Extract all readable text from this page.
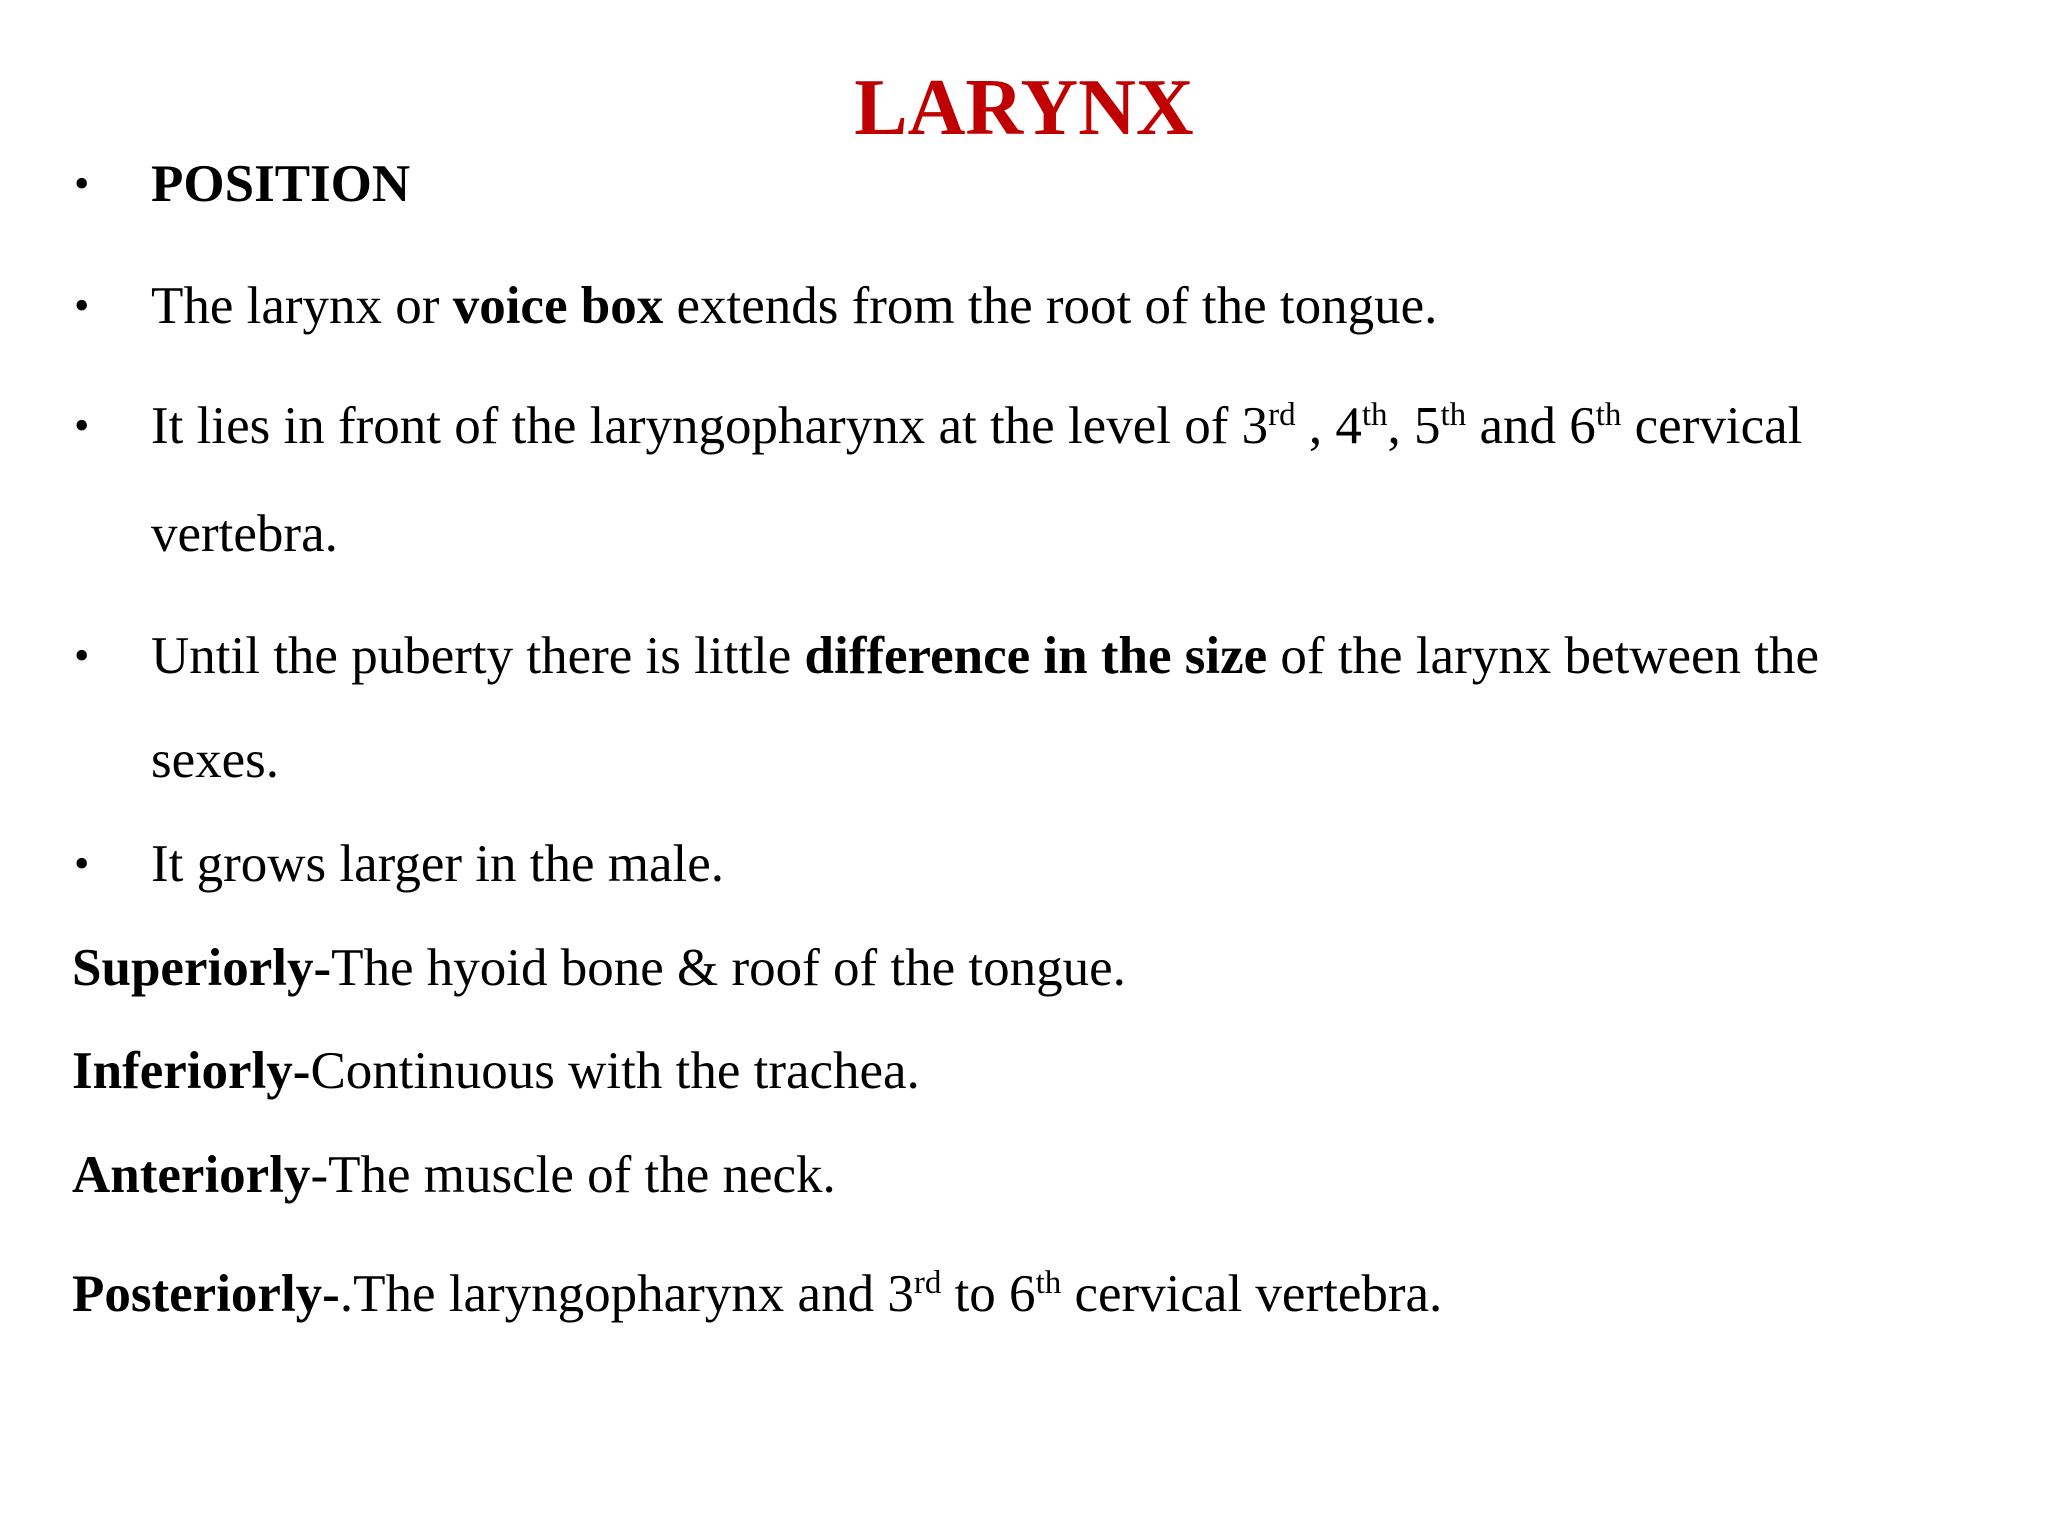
LARYNX
• POSITION
• The larynx or voice box extends from the root of the tongue.
• It lies in front of the laryngopharynx at the level of 3rd , 4th, 5th and 6th cervical
vertebra.
• Until the puberty there is little difference in the size of the larynx between the
sexes.
• It grows larger in the male.
Superiorly-The hyoid bone & roof of the tongue.
Inferiorly-Continuous with the trachea.
Anteriorly-The muscle of the neck.
Posteriorly-.The laryngopharynx and 3rd to 6th cervical vertebra.
